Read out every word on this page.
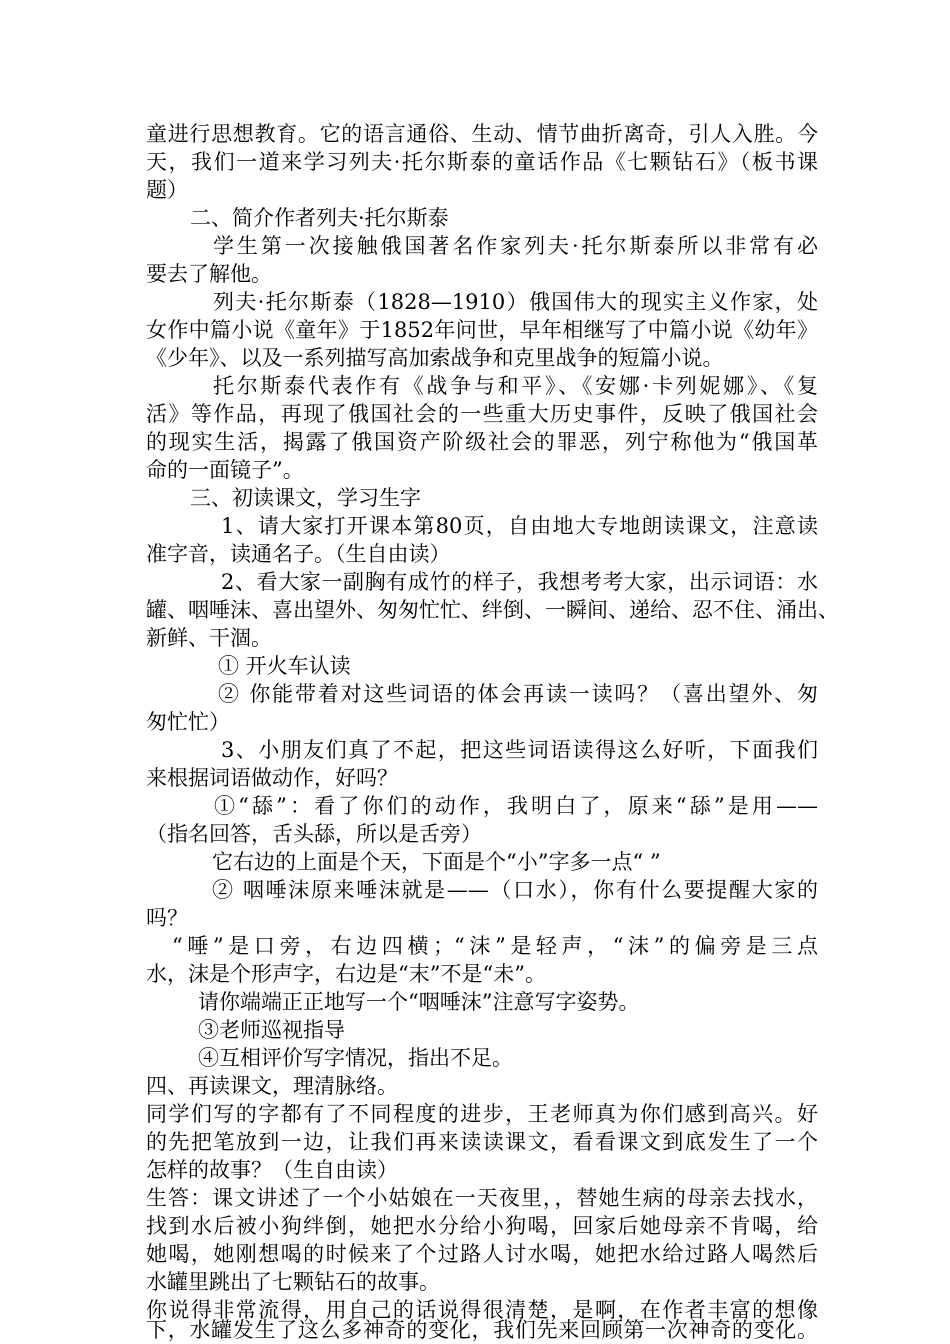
童进行思想教育。它的语言通俗、生动、情节曲折离奇，引人入胜。今
天，我们一道来学习列夫·托尔斯泰的童话作品《七颗钻石》（板书课
题）
二、简介作者列夫·托尔斯泰
学生第一次接触俄国著名作家列夫·托尔斯泰所以非常有必
要去了解他。
列夫·托尔斯泰（1828—1910）俄国伟大的现实主义作家，处
女作中篇小说《童年》于1852年问世，早年相继写了中篇小说《幼年》
《少年》、以及一系列描写高加索战争和克里战争的短篇小说。
托尔斯泰代表作有《战争与和平》、《安娜·卡列妮娜》、《复
活》等作品，再现了俄国社会的一些重大历史事件，反映了俄国社会
的现实生活，揭露了俄国资产阶级社会的罪恶，列宁称他为“俄国革
命的一面镜子”。
三、初读课文，学习生字
1、请大家打开课本第80页，自由地大专地朗读课文，注意读
准字音，读通名子。（生自由读）
2、看大家一副胸有成竹的样子，我想考考大家，出示词语：水
罐、咽唾沫、喜出望外、匆匆忙忙、绊倒、一瞬间、递给、忍不住、涌出、
新鲜、干涸。
① 开火车认读
② 你能带着对这些词语的体会再读一读吗？（喜出望外、匆
匆忙忙）
3、小朋友们真了不起，把这些词语读得这么好听，下面我们
来根据词语做动作，好吗？
①“舔”：看了你们的动作，我明白了，原来“舔”是用——
（指名回答，舌头舔，所以是舌旁）
它右边的上面是个天，下面是个“小”字多一点“ ”
② 咽唾沫原来唾沫就是——（口水），你有什么要提醒大家的
吗？
“唾”是口旁，右边四横；“沫”是轻声，“沫”的偏旁是三点
水，沫是个形声字，右边是“末”不是“未”。
请你端端正正地写一个“咽唾沫”注意写字姿势。
③老师巡视指导
④互相评价写字情况，指出不足。
四、再读课文，理清脉络。
同学们写的字都有了不同程度的进步，王老师真为你们感到高兴。好
的先把笔放到一边，让我们再来读读课文，看看课文到底发生了一个
怎样的故事？（生自由读）
生答：课文讲述了一个小姑娘在一天夜里，，替她生病的母亲去找水，
找到水后被小狗绊倒，她把水分给小狗喝，回家后她母亲不肯喝，给
她喝，她刚想喝的时候来了个过路人讨水喝，她把水给过路人喝然后
水罐里跳出了七颗钻石的故事。
你说得非常流得，用自己的话说得很清楚，是啊，在作者丰富的想像
下，水罐发生了这么多神奇的变化，我们先来回顾第一次神奇的变化。
